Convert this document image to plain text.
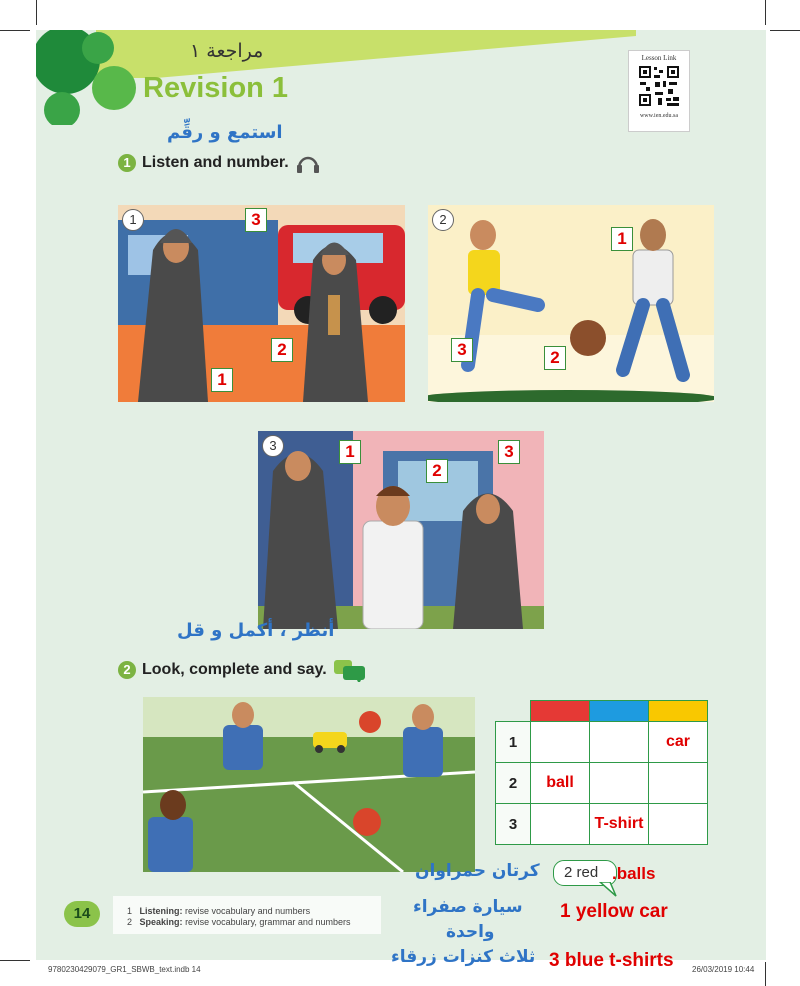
مراجعة ١
Revision 1
Lesson Link
www.ien.edu.sa
استمع و رقِّم
1 Listen and number.
1	3
2
1
2
1
3	2
3	1
2
3
أنظر ، أكمل و قل
2 Look, complete and say.

1			car
2	ball		
3		T-shirt	
2 red
كرتان حمراوان
سيارة صفراء
واحدة
ثلاث كنزات زرقاء
.balls
1 yellow car
3 blue t-shirts
14	1 Listening: revise vocabulary and numbers
2 Speaking: revise vocabulary, grammar and numbers
9780230429079_GR1_SBWB_text.indb 14	26/03/2019 10:44
